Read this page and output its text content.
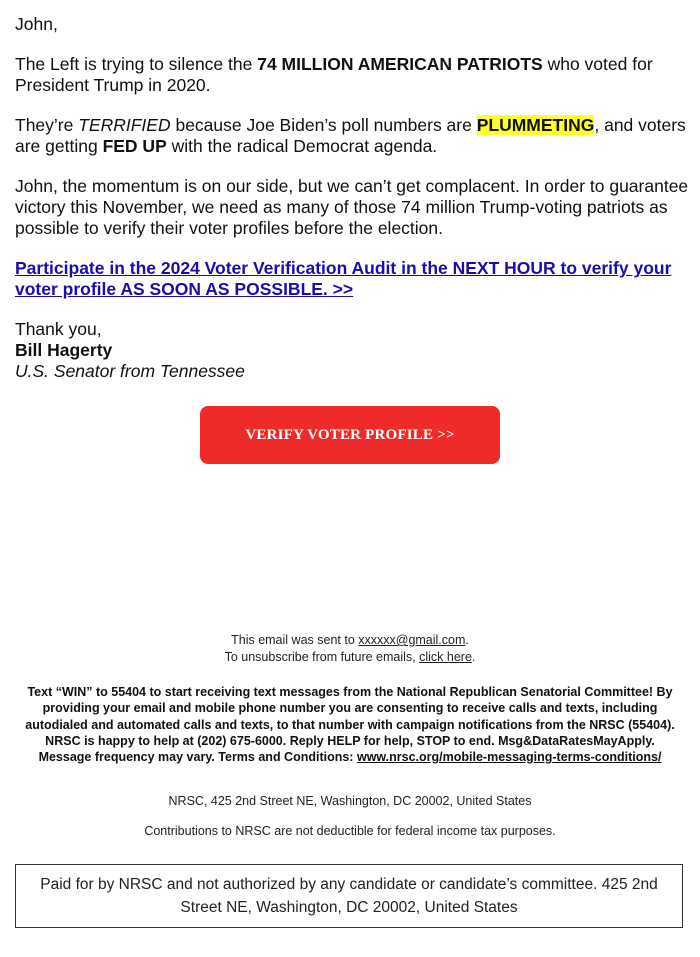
John,

The Left is trying to silence the 74 MILLION AMERICAN PATRIOTS who voted for President Trump in 2020.

They’re TERRIFIED because Joe Biden’s poll numbers are PLUMMETING, and voters are getting FED UP with the radical Democrat agenda.

John, the momentum is on our side, but we can’t get complacent. In order to guarantee victory this November, we need as many of those 74 million Trump-voting patriots as possible to verify their voter profiles before the election.

Participate in the 2024 Voter Verification Audit in the NEXT HOUR to verify your voter profile AS SOON AS POSSIBLE. >>

Thank you,

Bill Hagerty

U.S. Senator from Tennessee

VERIFY VOTER PROFILE >>

This email was sent to xxxxxx@gmail.com.

To unsubscribe from future emails, click here.

Text “WIN” to 55404 to start receiving text messages from the National Republican Senatorial Committee! By providing your email and mobile phone number you are consenting to receive calls and texts, including autodialed and automated calls and texts, to that number with campaign notifications from the NRSC (55404). NRSC is happy to help at (202) 675-6000. Reply HELP for help, STOP to end. Msg&DataRatesMayApply. Message frequency may vary. Terms and Conditions: www.nrsc.org/mobile-messaging-terms-conditions/
NRSC, 425 2nd Street NE, Washington, DC 20002, United States
Contributions to NRSC are not deductible for federal income tax purposes.
Paid for by NRSC and not authorized by any candidate or candidate’s committee. 425 2nd Street NE, Washington, DC 20002, United States
